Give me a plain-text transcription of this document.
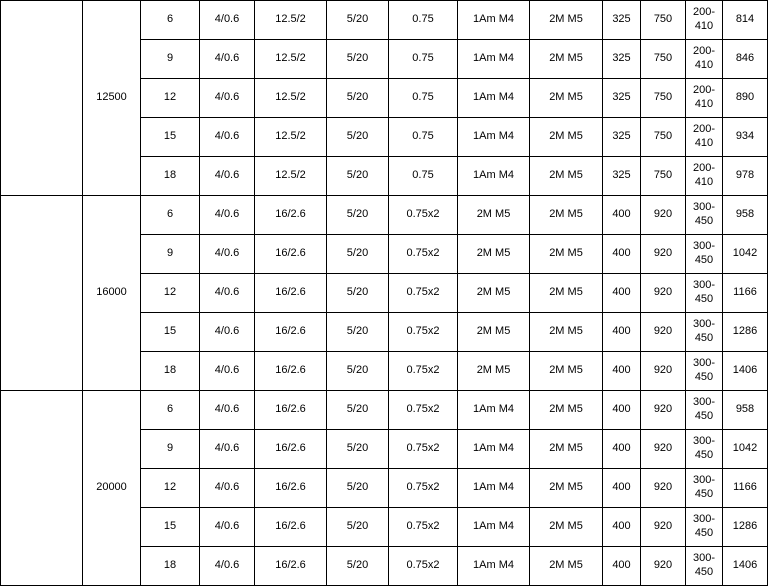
	12500	6	4/0.6	12.5/2	5/20	0.75	1Am M4	2M M5	325	750	200-410	814

		9	4/0.6	12.5/2	5/20	0.75	1Am M4	2M M5	325	750	200-410	846

		12	4/0.6	12.5/2	5/20	0.75	1Am M4	2M M5	325	750	200-410	890

		15	4/0.6	12.5/2	5/20	0.75	1Am M4	2M M5	325	750	200-410	934

		18	4/0.6	12.5/2	5/20	0.75	1Am M4	2M M5	325	750	200-410	978

	16000	6	4/0.6	16/2.6	5/20	0.75x2	2M M5	2M M5	400	920	300-450	958

		9	4/0.6	16/2.6	5/20	0.75x2	2M M5	2M M5	400	920	300-450	1042

		12	4/0.6	16/2.6	5/20	0.75x2	2M M5	2M M5	400	920	300-450	1166

		15	4/0.6	16/2.6	5/20	0.75x2	2M M5	2M M5	400	920	300-450	1286

		18	4/0.6	16/2.6	5/20	0.75x2	2M M5	2M M5	400	920	300-450	1406

	20000	6	4/0.6	16/2.6	5/20	0.75x2	1Am M4	2M M5	400	920	300-450	958

		9	4/0.6	16/2.6	5/20	0.75x2	1Am M4	2M M5	400	920	300-450	1042

		12	4/0.6	16/2.6	5/20	0.75x2	1Am M4	2M M5	400	920	300-450	1166

		15	4/0.6	16/2.6	5/20	0.75x2	1Am M4	2M M5	400	920	300-450	1286

		18	4/0.6	16/2.6	5/20	0.75x2	1Am M4	2M M5	400	920	300-450	1406
